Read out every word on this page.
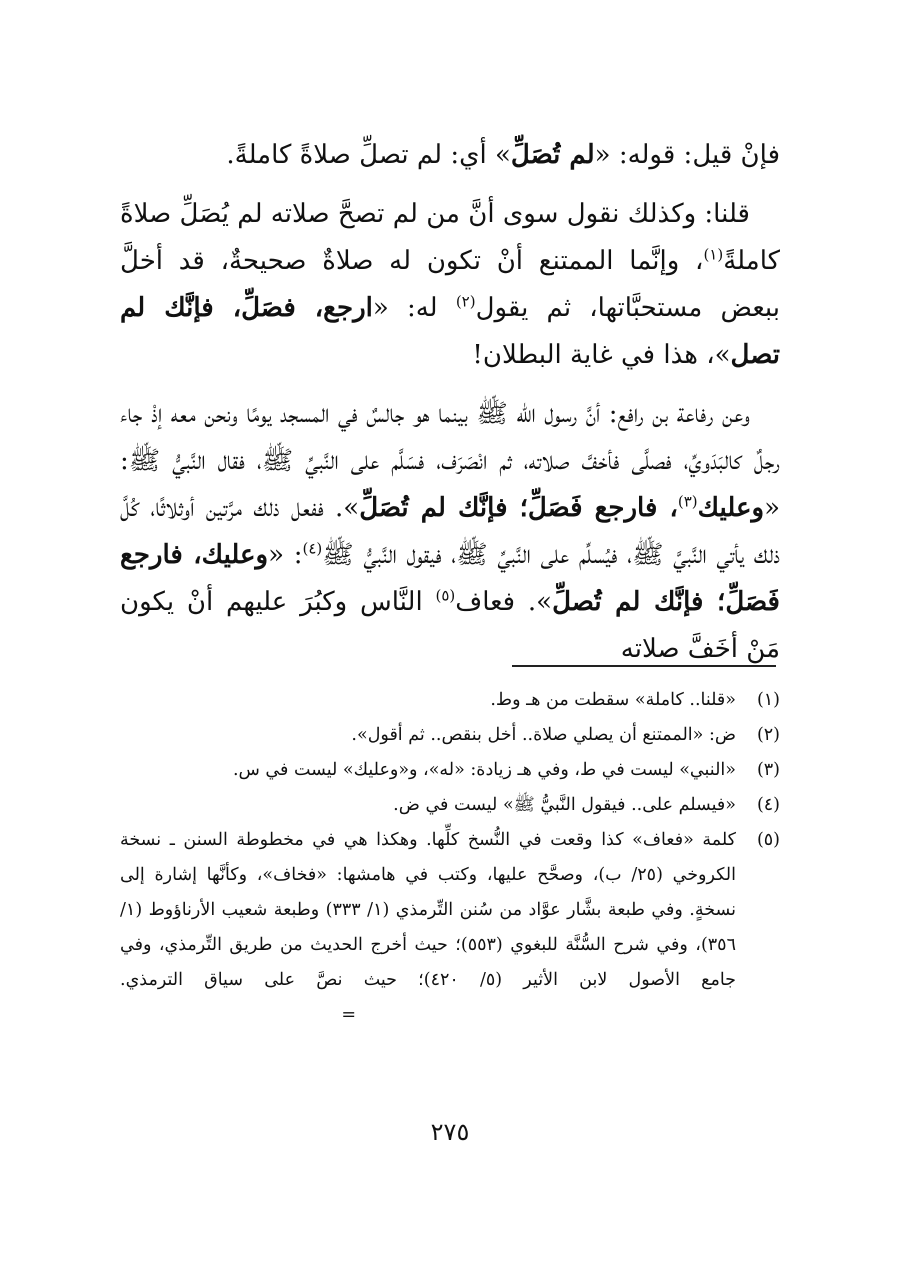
فإنْ قيل: قوله: «لم تُصَلِّ» أي: لم تصلِّ صلاةً كاملةً.

قلنا: وكذلك نقول سوى أنَّ من لم تصحَّ صلاته لم يُصَلِّ صلاةً كاملةً$^{(١)}$، وإنَّما الممتنع أنْ تكون له صلاةٌ صحيحةٌ، قد أخلَّ ببعض مستحبَّاتها، ثم يقول$^{(٢)}$ له: «ارجع، فصَلِّ، فإنَّك لم تصل»، هذا في غاية البطلان!

وعن رفاعة بن رافع: أنَّ رسول الله ﷺ بينما هو جالسٌ في المسجد يومًا ونحن معه إذْ جاء رجلٌ كالبَدَويِّ، فصلَّى فأخفَّ صلاته، ثم انْصَرَف، فسَلَّم على النَّبيِّ ﷺ، فقال النَّبيُّ ﷺ: «وعليك$^{(٣)}$، فارجع فَصَلِّ؛ فإنَّك لم تُصَلِّ». ففعل ذلك مرَّتين أوثلاثًا، كُلَّ ذلك يأتي النَّبيَّ ﷺ، فيُسلِّم على النَّبيِّ ﷺ، فيقول النَّبيُّ ﷺ$^{(٤)}$: «وعليك، فارجع فَصَلِّ؛ فإنَّك لم تُصلِّ». فعاف$^{(٥)}$ النَّاس وكبُرَ عليهم أنْ يكون مَنْ أخَفَّ صلاته

(١)
«قلنا.. كاملة» سقطت من هـ وط.
(٢)
ض: «الممتنع أن يصلي صلاة.. أخل بنقص.. ثم أقول».
(٣)
«النبي» ليست في ط، وفي هـ زيادة: «له»، و«وعليك» ليست في س.
(٤)
«فيسلم على.. فيقول النَّبيُّ ﷺ» ليست في ض.
(٥)
كلمة «فعاف» كذا وقعت في النُّسخ كلِّها. وهكذا هي في مخطوطة السنن ـ نسخة الكروخي (٢٥/ ب)، وصحَّح عليها، وكتب في هامشها: «فخاف»، وكأنَّها إشارة إلى نسخةٍ. وفي طبعة بشَّار عوَّاد من سُنن التِّرمذي (١/ ٣٣٣) وطبعة شعيب الأرناؤوط (١/ ٣٥٦)، وفي شرح السُّنَّة للبغوي (٥٥٣)؛ حيث أخرج الحديث من طريق التِّرمذي، وفي جامع الأصول لابن الأثير (٥/ ٤٢٠)؛ حيث نصَّ على سياق الترمذي.=
٢٧٥
